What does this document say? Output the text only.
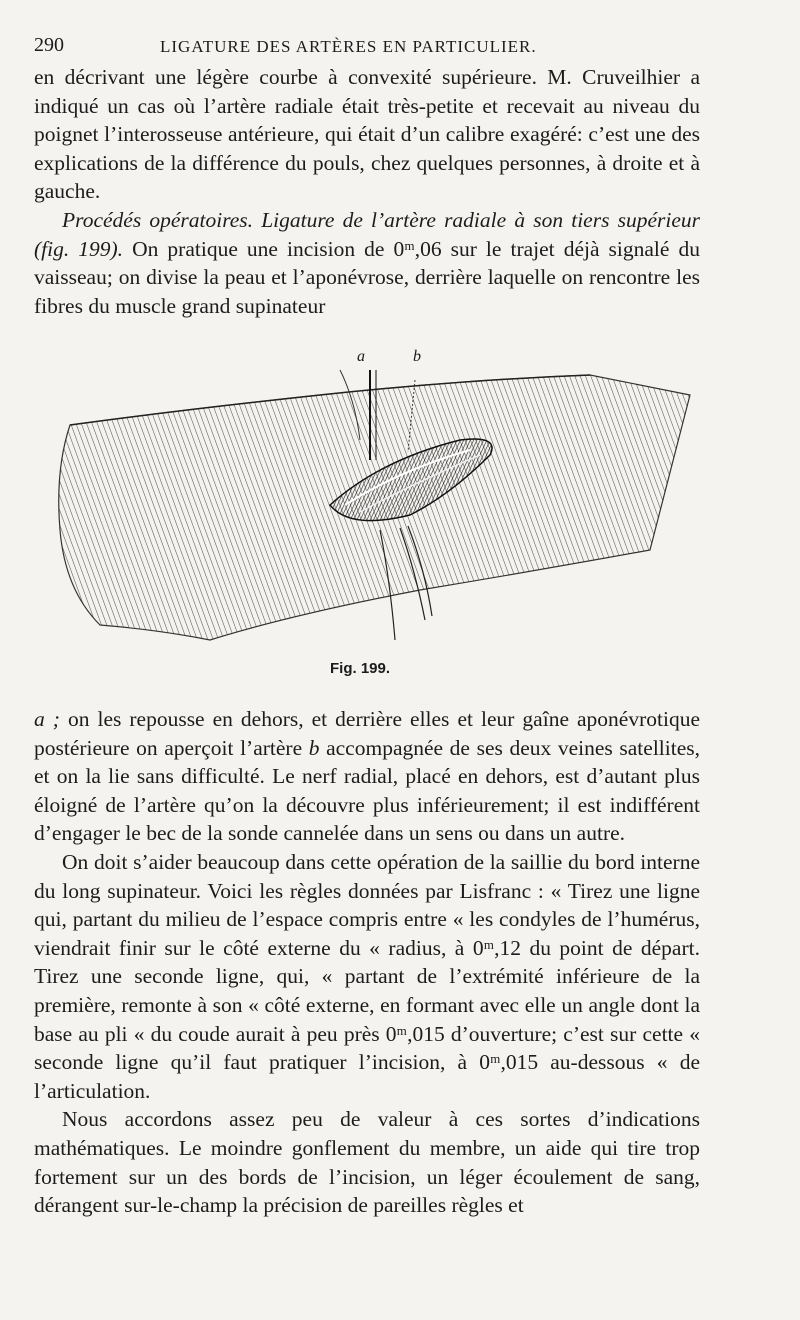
290	LIGATURE DES ARTÈRES EN PARTICULIER.

en décrivant une légère courbe à convexité supérieure. M. Cruveilhier a indiqué un cas où l’artère radiale était très-petite et recevait au niveau du poignet l’interosseuse antérieure, qui était d’un calibre exagéré: c’est une des explications de la différence du pouls, chez quelques personnes, à droite et à gauche.

Procédés opératoires. Ligature de l’artère radiale à son tiers supérieur (fig. 199). On pratique une incision de 0ᵐ,06 sur le trajet déjà signalé du vaisseau; on divise la peau et l’aponévrose, derrière laquelle on rencontre les fibres du muscle grand supinateur

a	b
Fig. 199.

a ; on les repousse en dehors, et derrière elles et leur gaîne aponévrotique postérieure on aperçoit l’artère b accompagnée de ses deux veines satellites, et on la lie sans difficulté. Le nerf radial, placé en dehors, est d’autant plus éloigné de l’artère qu’on la découvre plus inférieurement; il est indifférent d’engager le bec de la sonde cannelée dans un sens ou dans un autre.

On doit s’aider beaucoup dans cette opération de la saillie du bord interne du long supinateur. Voici les règles données par Lisfranc : « Tirez une ligne qui, partant du milieu de l’espace compris entre « les condyles de l’humérus, viendrait finir sur le côté externe du « radius, à 0ᵐ,12 du point de départ. Tirez une seconde ligne, qui, « partant de l’extrémité inférieure de la première, remonte à son « côté externe, en formant avec elle un angle dont la base au pli « du coude aurait à peu près 0ᵐ,015 d’ouverture; c’est sur cette « seconde ligne qu’il faut pratiquer l’incision, à 0ᵐ,015 au-dessous « de l’articulation.

Nous accordons assez peu de valeur à ces sortes d’indications mathématiques. Le moindre gonflement du membre, un aide qui tire trop fortement sur un des bords de l’incision, un léger écoulement de sang, dérangent sur-le-champ la précision de pareilles règles et
